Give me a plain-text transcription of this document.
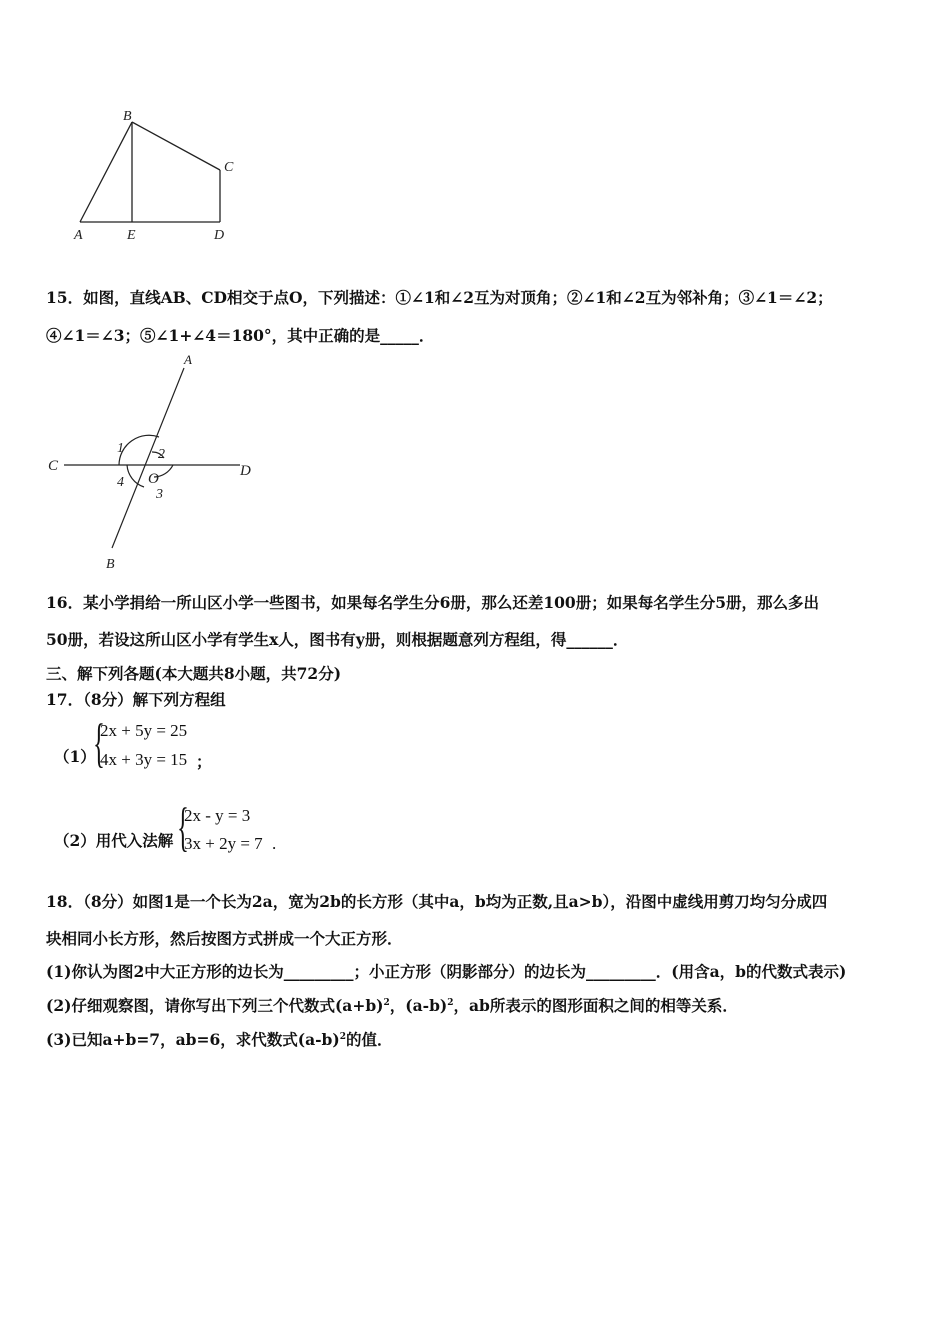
B
C
A	E	D
15．如图，直线AB、CD相交于点O，下列描述：①∠1和∠2互为对顶角；②∠1和∠2互为邻补角；③∠1＝∠2；
④∠1＝∠3；⑤∠1+∠4＝180°，其中正确的是_____．
A
C	D
B
O
1 2
3
4
16．某小学捐给一所山区小学一些图书，如果每名学生分6册，那么还差100册；如果每名学生分5册，那么多出
50册，若设这所山区小学有学生x人，图书有y册，则根据题意列方程组，得______．
三、解下列各题(本大题共8小题，共72分)
17．（8分）解下列方程组
（1）
{
2x + 5y = 25
4x + 3y = 15 ；
（2）用代入法解 {
2x - y = 3
3x + 2y = 7 .
18．（8分）如图1是一个长为2a，宽为2b的长方形（其中a，b均为正数,且a>b），沿图中虚线用剪刀均匀分成四
块相同小长方形，然后按图方式拼成一个大正方形．
(1)你认为图2中大正方形的边长为_________；小正方形（阴影部分）的边长为_________．(用含a，b的代数式表示)
(2)仔细观察图，请你写出下列三个代数式$(a+b)^2$，$(a-b)^2$，ab所表示的图形面积之间的相等关系．
(3)已知a+b=7，ab=6，求代数式$(a-b)^2$的值．
